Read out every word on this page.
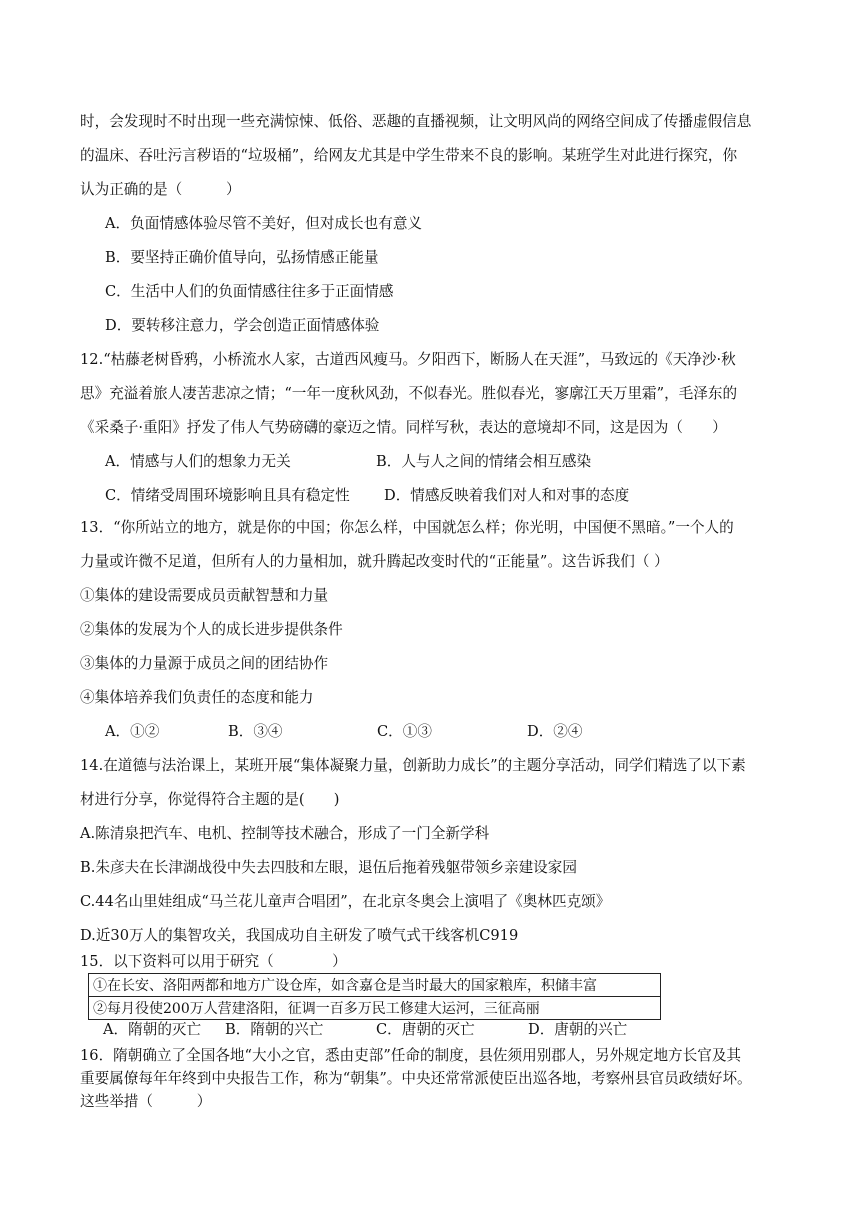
时，会发现时不时出现一些充满惊悚、低俗、恶趣的直播视频，让文明风尚的网络空间成了传播虚假信息
的温床、吞吐污言秽语的“垃圾桶”，给网友尤其是中学生带来不良的影响。某班学生对此进行探究，你
认为正确的是（　　　）
A．负面情感体验尽管不美好，但对成长也有意义
B．要坚持正确价值导向，弘扬情感正能量
C．生活中人们的负面情感往往多于正面情感
D．要转移注意力，学会创造正面情感体验
12.“枯藤老树昏鸦，小桥流水人家，古道西风瘦马。夕阳西下，断肠人在天涯”，马致远的《天净沙·秋
思》充溢着旅人凄苦悲凉之情；“一年一度秋风劲，不似春光。胜似春光，寥廓江天万里霜”，毛泽东的
《采桑子·重阳》抒发了伟人气势磅礴的豪迈之情。同样写秋，表达的意境却不同，这是因为（　　）
A．情感与人们的想象力无关	B．人与人之间的情绪会相互感染
C．情绪受周围环境影响且具有稳定性 D．情感反映着我们对人和对事的态度
13．“你所站立的地方，就是你的中国；你怎么样，中国就怎么样；你光明，中国便不黑暗。”一个人的
力量或许微不足道，但所有人的力量相加，就升腾起改变时代的“正能量”。这告诉我们（ ）
①集体的建设需要成员贡献智慧和力量
②集体的发展为个人的成长进步提供条件
③集体的力量源于成员之间的团结协作
④集体培养我们负责任的态度和能力
A．①②	B．③④	C．①③	D．②④
14.在道德与法治课上，某班开展“集体凝聚力量，创新助力成长”的主题分享活动，同学们精选了以下素
材进行分享，你觉得符合主题的是(　　)
A.陈清泉把汽车、电机、控制等技术融合，形成了一门全新学科
B.朱彦夫在长津湖战役中失去四肢和左眼，退伍后拖着残躯带领乡亲建设家园
C.44名山里娃组成“马兰花儿童声合唱团”，在北京冬奥会上演唱了《奥林匹克颂》
D.近30万人的集智攻关，我国成功自主研发了喷气式干线客机C919
15．以下资料可以用于研究（　　　　）
①在长安、洛阳两都和地方广设仓库，如含嘉仓是当时最大的国家粮库，积储丰富
②每月役使200万人营建洛阳，征调一百多万民工修建大运河，三征高丽
A．隋朝的灭亡 B．隋朝的兴亡	C．唐朝的灭亡	D．唐朝的兴亡
16．隋朝确立了全国各地“大小之官，悉由吏部”任命的制度，县佐须用别郡人，另外规定地方长官及其
重要属僚每年年终到中央报告工作，称为“朝集”。中央还常常派使臣出巡各地，考察州县官员政绩好坏。
这些举措（　　　）
